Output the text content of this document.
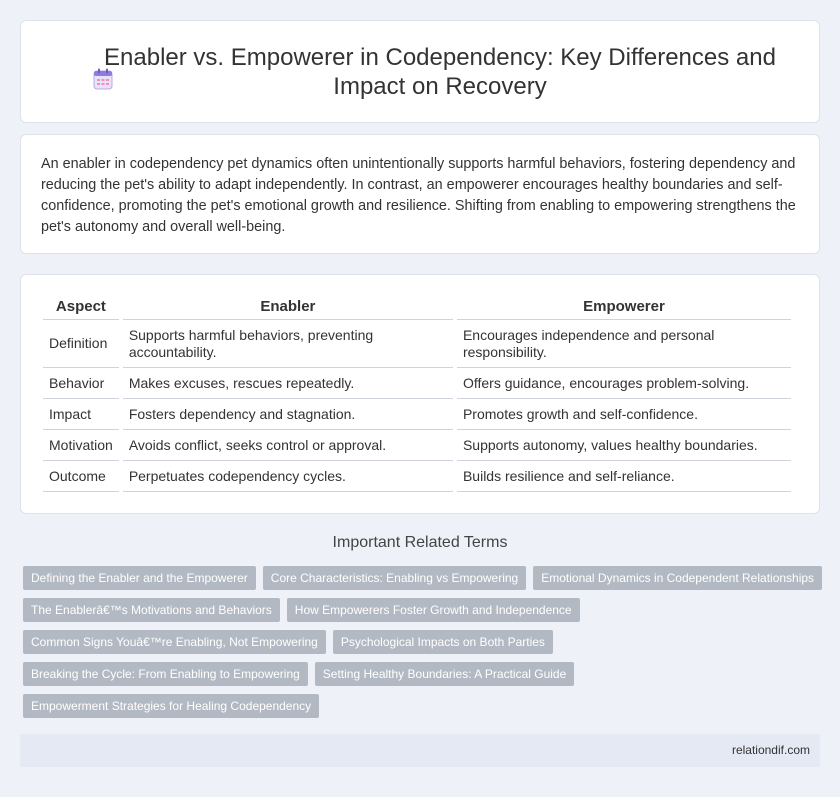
Enabler vs. Empowerer in Codependency: Key Differences and Impact on Recovery

An enabler in codependency pet dynamics often unintentionally supports harmful behaviors, fostering dependency and reducing the pet's ability to adapt independently. In contrast, an empowerer encourages healthy boundaries and self-confidence, promoting the pet's emotional growth and resilience. Shifting from enabling to empowering strengthens the pet's autonomy and overall well-being.

Aspect	Enabler	Empowerer
Definition	Supports harmful behaviors, preventing accountability.	Encourages independence and personal responsibility.
Behavior	Makes excuses, rescues repeatedly.	Offers guidance, encourages problem-solving.
Impact	Fosters dependency and stagnation.	Promotes growth and self-confidence.
Motivation	Avoids conflict, seeks control or approval.	Supports autonomy, values healthy boundaries.
Outcome	Perpetuates codependency cycles.	Builds resilience and self-reliance.
Important Related Terms
Defining the Enabler and the Empowerer	Core Characteristics: Enabling vs Empowering	Emotional Dynamics in Codependent Relationships
The Enablerâ€™s Motivations and Behaviors	How Empowerers Foster Growth and Independence
Common Signs Youâ€™re Enabling, Not Empowering	Psychological Impacts on Both Parties
Breaking the Cycle: From Enabling to Empowering	Setting Healthy Boundaries: A Practical Guide
Empowerment Strategies for Healing Codependency
relationdif.com
